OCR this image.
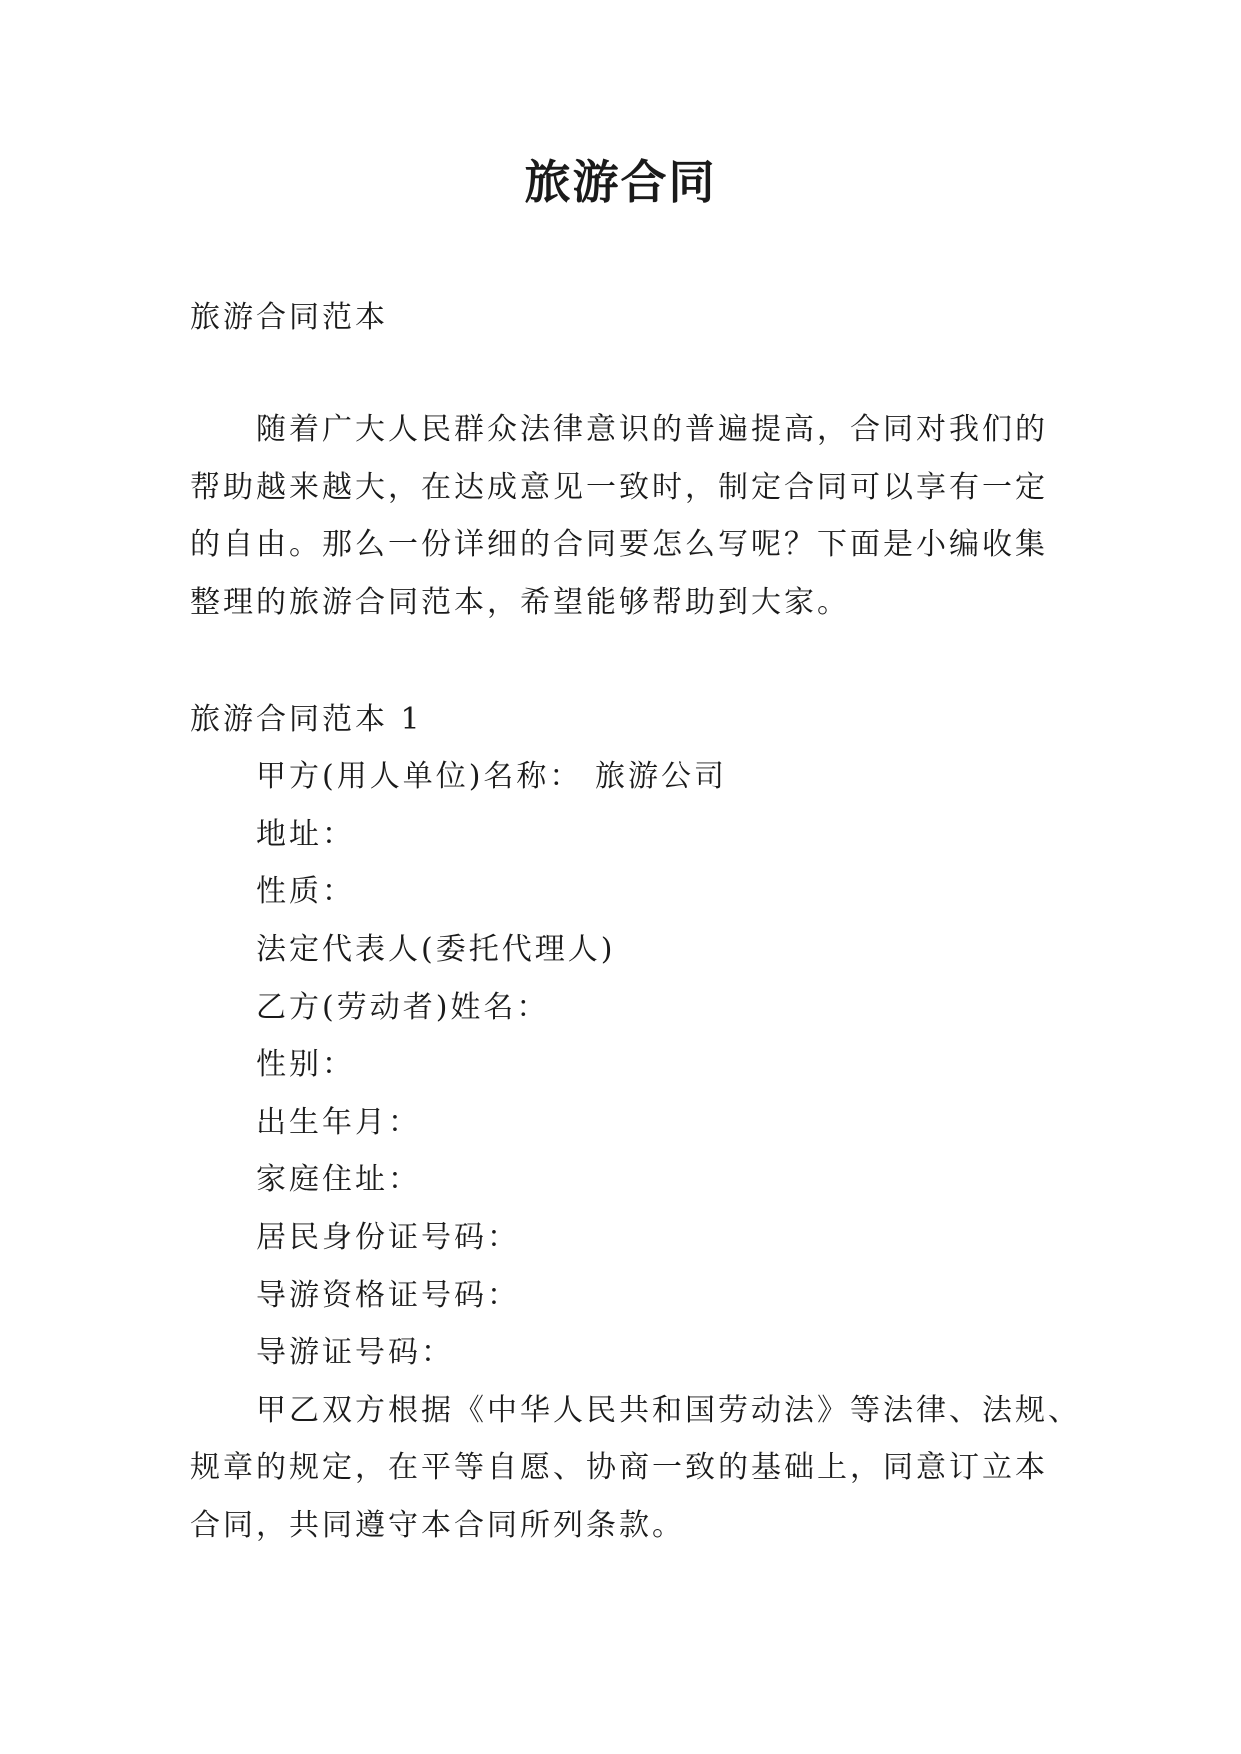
旅游合同
旅游合同范本
随着广大人民群众法律意识的普遍提高，合同对我们的
帮助越来越大，在达成意见一致时，制定合同可以享有一定
的自由。那么一份详细的合同要怎么写呢？下面是小编收集
整理的旅游合同范本，希望能够帮助到大家。
旅游合同范本 1
甲方(用人单位)名称： 旅游公司
地址：
性质：
法定代表人(委托代理人)
乙方(劳动者)姓名：
性别：
出生年月：
家庭住址：
居民身份证号码：
导游资格证号码：
导游证号码：
甲乙双方根据《中华人民共和国劳动法》等法律、法规、
规章的规定，在平等自愿、协商一致的基础上，同意订立本
合同，共同遵守本合同所列条款。
